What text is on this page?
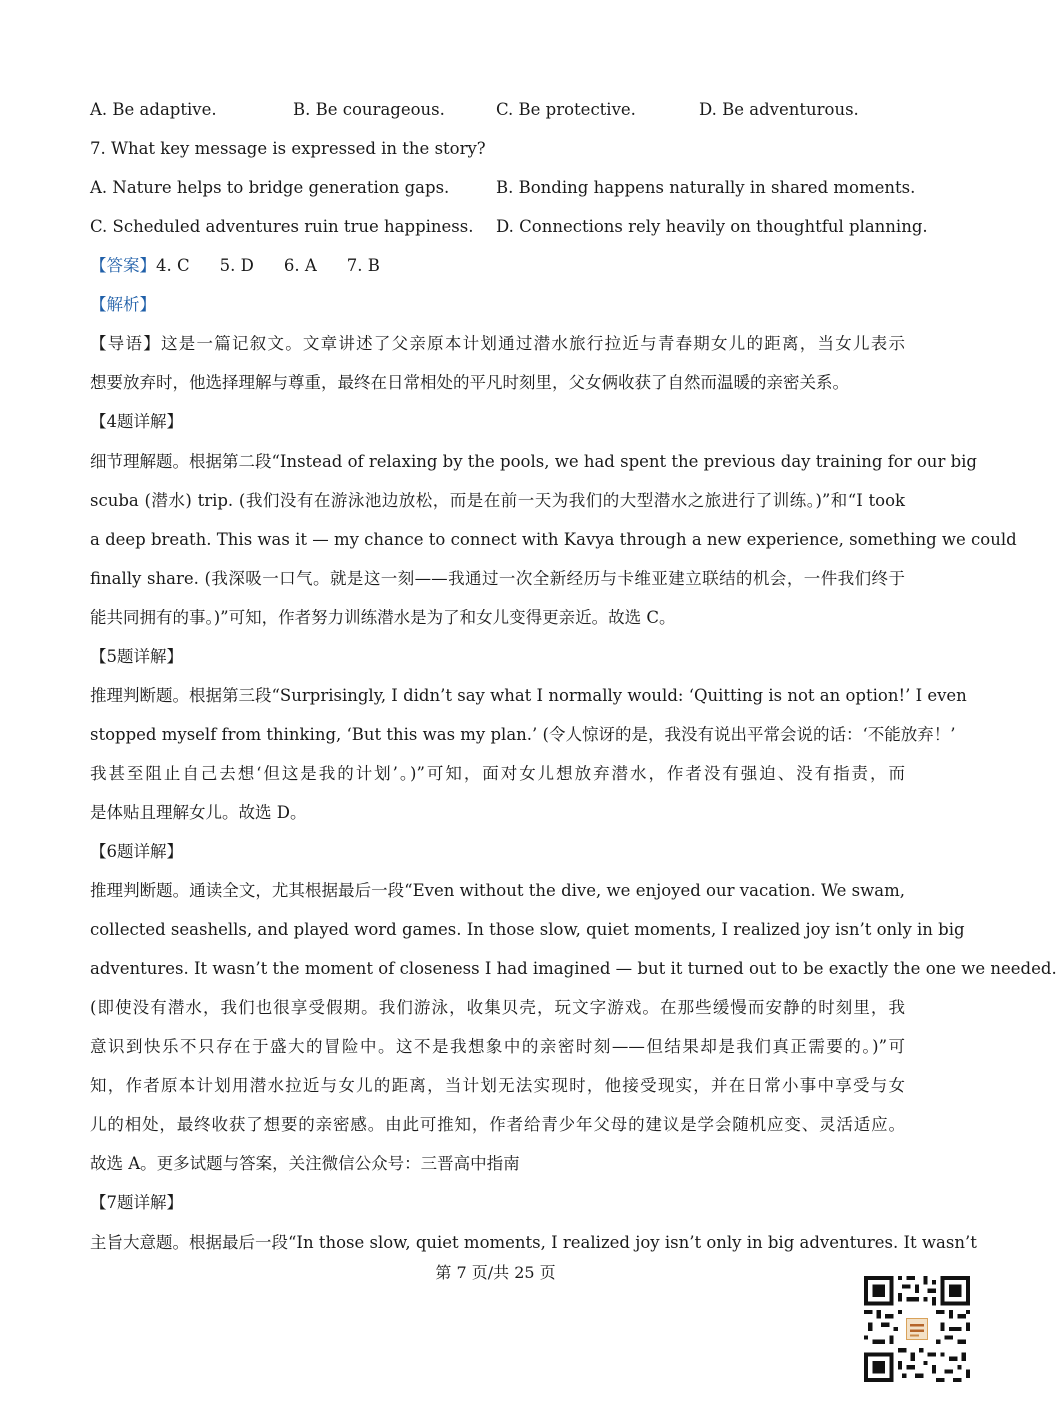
A. Be adaptive.	B. Be courageous.	C. Be protective.	D. Be adventurous.
7. What key message is expressed in the story?
A. Nature helps to bridge generation gaps.	B. Bonding happens naturally in shared moments.
C. Scheduled adventures ruin true happiness. D. Connections rely heavily on thoughtful planning.
【答案】4. C 5. D 6. A 7. B
【解析】
【导语】这是一篇记叙文。文章讲述了父亲原本计划通过潜水旅行拉近与青春期女儿的距离，当女儿表示
想要放弃时，他选择理解与尊重，最终在日常相处的平凡时刻里，父女俩收获了自然而温暖的亲密关系。
【4题详解】
细节理解题。根据第二段“Instead of relaxing by the pools, we had spent the previous day training for our big
scuba (潜水) trip. (我们没有在游泳池边放松，而是在前一天为我们的大型潜水之旅进行了训练。)”和“I took
a deep breath. This was it — my chance to connect with Kavya through a new experience, something we could
finally share. (我深吸一口气。就是这一刻——我通过一次全新经历与卡维亚建立联结的机会，一件我们终于
能共同拥有的事。)”可知，作者努力训练潜水是为了和女儿变得更亲近。故选 C。
【5题详解】
推理判断题。根据第三段“Surprisingly, I didn’t say what I normally would: ‘Quitting is not an option!’ I even
stopped myself from thinking, ‘But this was my plan.’ (令人惊讶的是，我没有说出平常会说的话：‘不能放弃！’
我甚至阻止自己去想‘但这是我的计划’。)”可知，面对女儿想放弃潜水，作者没有强迫、没有指责，而
是体贴且理解女儿。故选 D。
【6题详解】
推理判断题。通读全文，尤其根据最后一段“Even without the dive, we enjoyed our vacation. We swam,
collected seashells, and played word games. In those slow, quiet moments, I realized joy isn’t only in big
adventures. It wasn’t the moment of closeness I had imagined — but it turned out to be exactly the one we needed.
(即使没有潜水，我们也很享受假期。我们游泳，收集贝壳，玩文字游戏。在那些缓慢而安静的时刻里，我
意识到快乐不只存在于盛大的冒险中。这不是我想象中的亲密时刻——但结果却是我们真正需要的。)”可
知，作者原本计划用潜水拉近与女儿的距离，当计划无法实现时，他接受现实，并在日常小事中享受与女
儿的相处，最终收获了想要的亲密感。由此可推知，作者给青少年父母的建议是学会随机应变、灵活适应。
故选 A。更多试题与答案，关注微信公众号：三晋高中指南
【7题详解】
主旨大意题。根据最后一段“In those slow, quiet moments, I realized joy isn’t only in big adventures. It wasn’t
第 7 页/共 25 页
